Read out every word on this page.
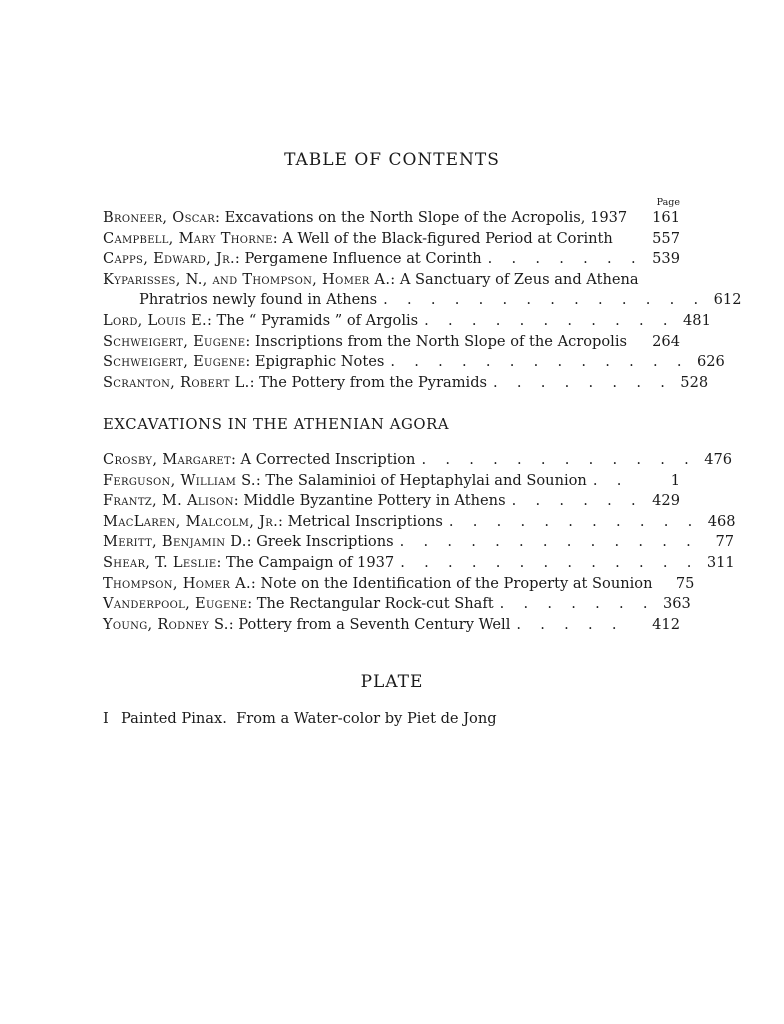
TABLE OF CONTENTS
Page
Broneer, Oscar: Excavations on the North Slope of the Acropolis, 1937	161
Campbell, Mary Thorne: A Well of the Black-figured Period at Corinth	557
Capps, Edward, Jr.: Pergamene Influence at Corinth . . . . . . . 539
Kyparisses, N., and Thompson, Homer A.: A Sanctuary of Zeus and Athena
Phratrios newly found in Athens . . . . . . . . . . . . . . 612
Lord, Louis E.: The “ Pyramids ” of Argolis . . . . . . . . . . . 481
Schweigert, Eugene: Inscriptions from the North Slope of the Acropolis	264
Schweigert, Eugene: Epigraphic Notes . . . . . . . . . . . . . 626
Scranton, Robert L.: The Pottery from the Pyramids . . . . . . . . 528
EXCAVATIONS IN THE ATHENIAN AGORA
Crosby, Margaret: A Corrected Inscription . . . . . . . . . . . . 476
Ferguson, William S.: The Salaminioi of Heptaphylai and Sounion . .	1
Frantz, M. Alison: Middle Byzantine Pottery in Athens . . . . . . 429
MacLaren, Malcolm, Jr.: Metrical Inscriptions . . . . . . . . . . . 468
Meritt, Benjamin D.: Greek Inscriptions . . . . . . . . . . . . .	77
Shear, T. Leslie: The Campaign of 1937 . . . . . . . . . . . . . 311
Thompson, Homer A.: Note on the Identification of the Property at Sounion	75
Vanderpool, Eugene: The Rectangular Rock-cut Shaft . . . . . . . 363
Young, Rodney S.: Pottery from a Seventh Century Well . . . . .	412
PLATE
I Painted Pinax.  From a Water-color by Piet de Jong
